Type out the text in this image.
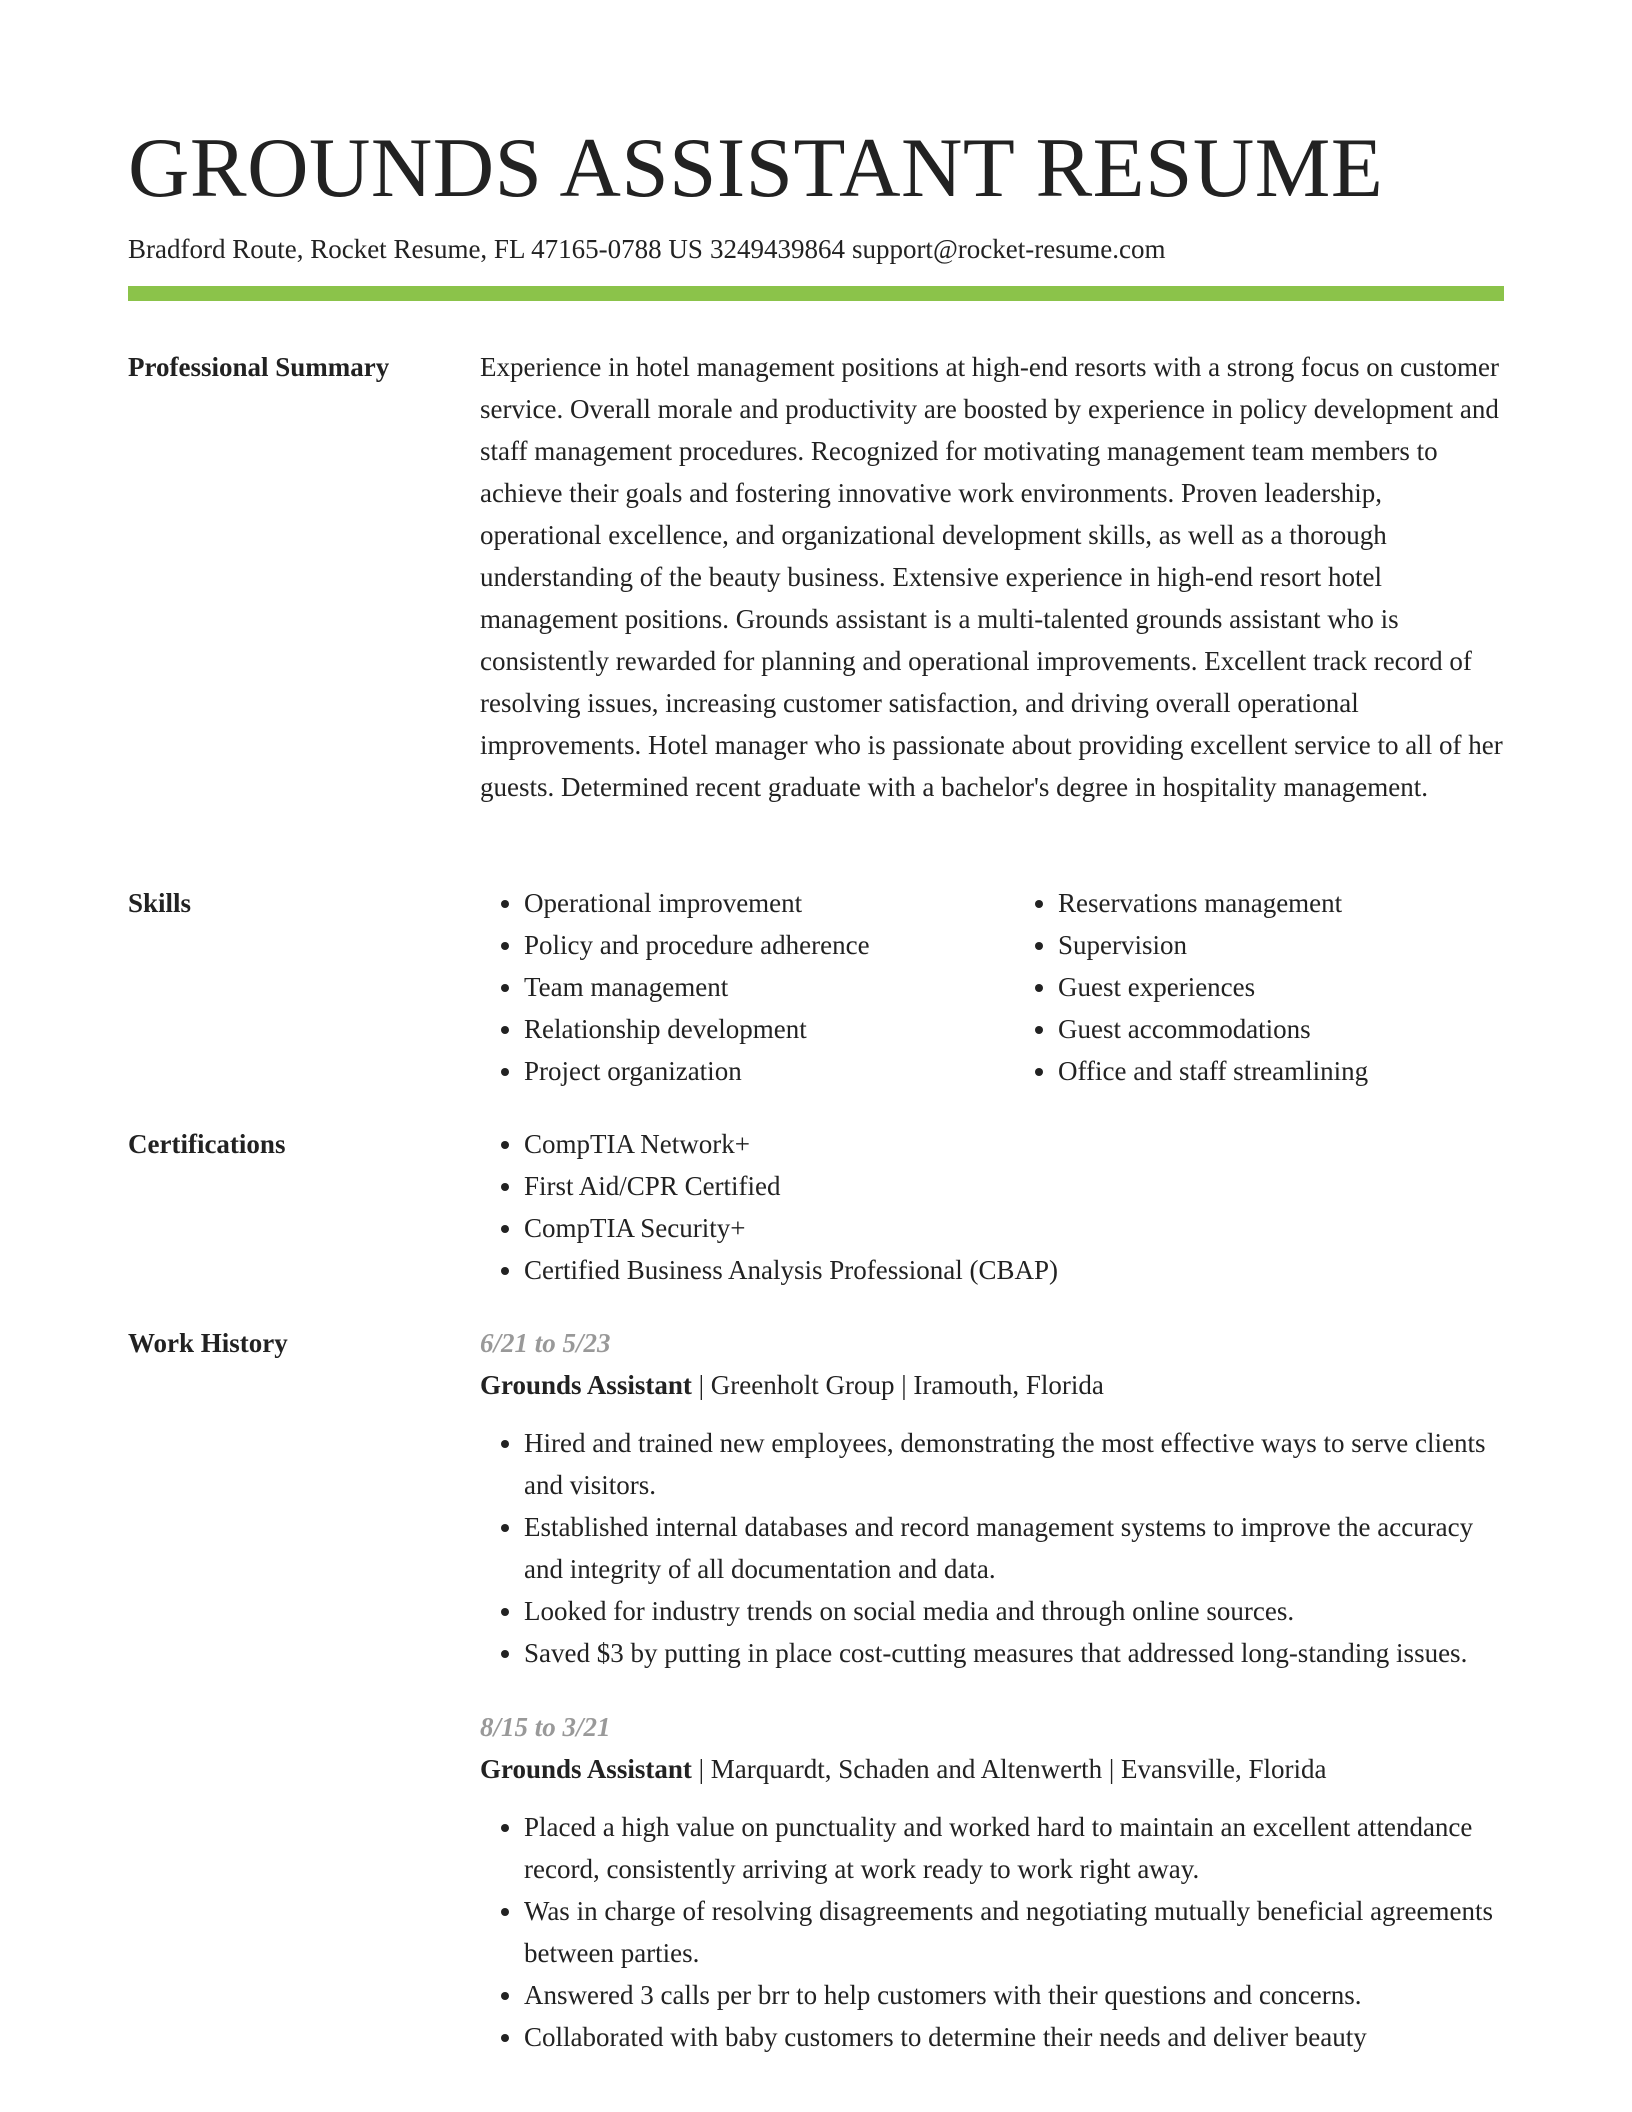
GROUNDS ASSISTANT RESUME
Bradford Route, Rocket Resume, FL 47165-0788 US 3249439864 support@rocket-resume.com
Professional Summary	Experience in hotel management positions at high-end resorts with a strong focus on customer service. Overall morale and productivity are boosted by experience in policy development and staff management procedures. Recognized for motivating management team members to achieve their goals and fostering innovative work environments. Proven leadership, operational excellence, and organizational development skills, as well as a thorough understanding of the beauty business. Extensive experience in high-end resort hotel management positions. Grounds assistant is a multi-talented grounds assistant who is consistently rewarded for planning and operational improvements. Excellent track record of resolving issues, increasing customer satisfaction, and driving overall operational improvements. Hotel manager who is passionate about providing excellent service to all of her guests. Determined recent graduate with a bachelor's degree in hospitality management.

Skills	• Operational improvement
• Policy and procedure adherence
• Team management
• Relationship development
• Project organization
• Reservations management
• Supervision
• Guest experiences
• Guest accommodations
• Office and staff streamlining
Certifications	• CompTIA Network+
• First Aid/CPR Certified
• CompTIA Security+
• Certified Business Analysis Professional (CBAP)
Work History	6/21 to 5/23
Grounds Assistant | Greenholt Group | Iramouth, Florida
• Hired and trained new employees, demonstrating the most effective ways to serve clients and visitors.
• Established internal databases and record management systems to improve the accuracy and integrity of all documentation and data.
• Looked for industry trends on social media and through online sources.
• Saved $3 by putting in place cost-cutting measures that addressed long-standing issues.
8/15 to 3/21
Grounds Assistant | Marquardt, Schaden and Altenwerth | Evansville, Florida
• Placed a high value on punctuality and worked hard to maintain an excellent attendance record, consistently arriving at work ready to work right away.
• Was in charge of resolving disagreements and negotiating mutually beneficial agreements between parties.
• Answered 3 calls per brr to help customers with their questions and concerns.
• Collaborated with baby customers to determine their needs and deliver beauty
